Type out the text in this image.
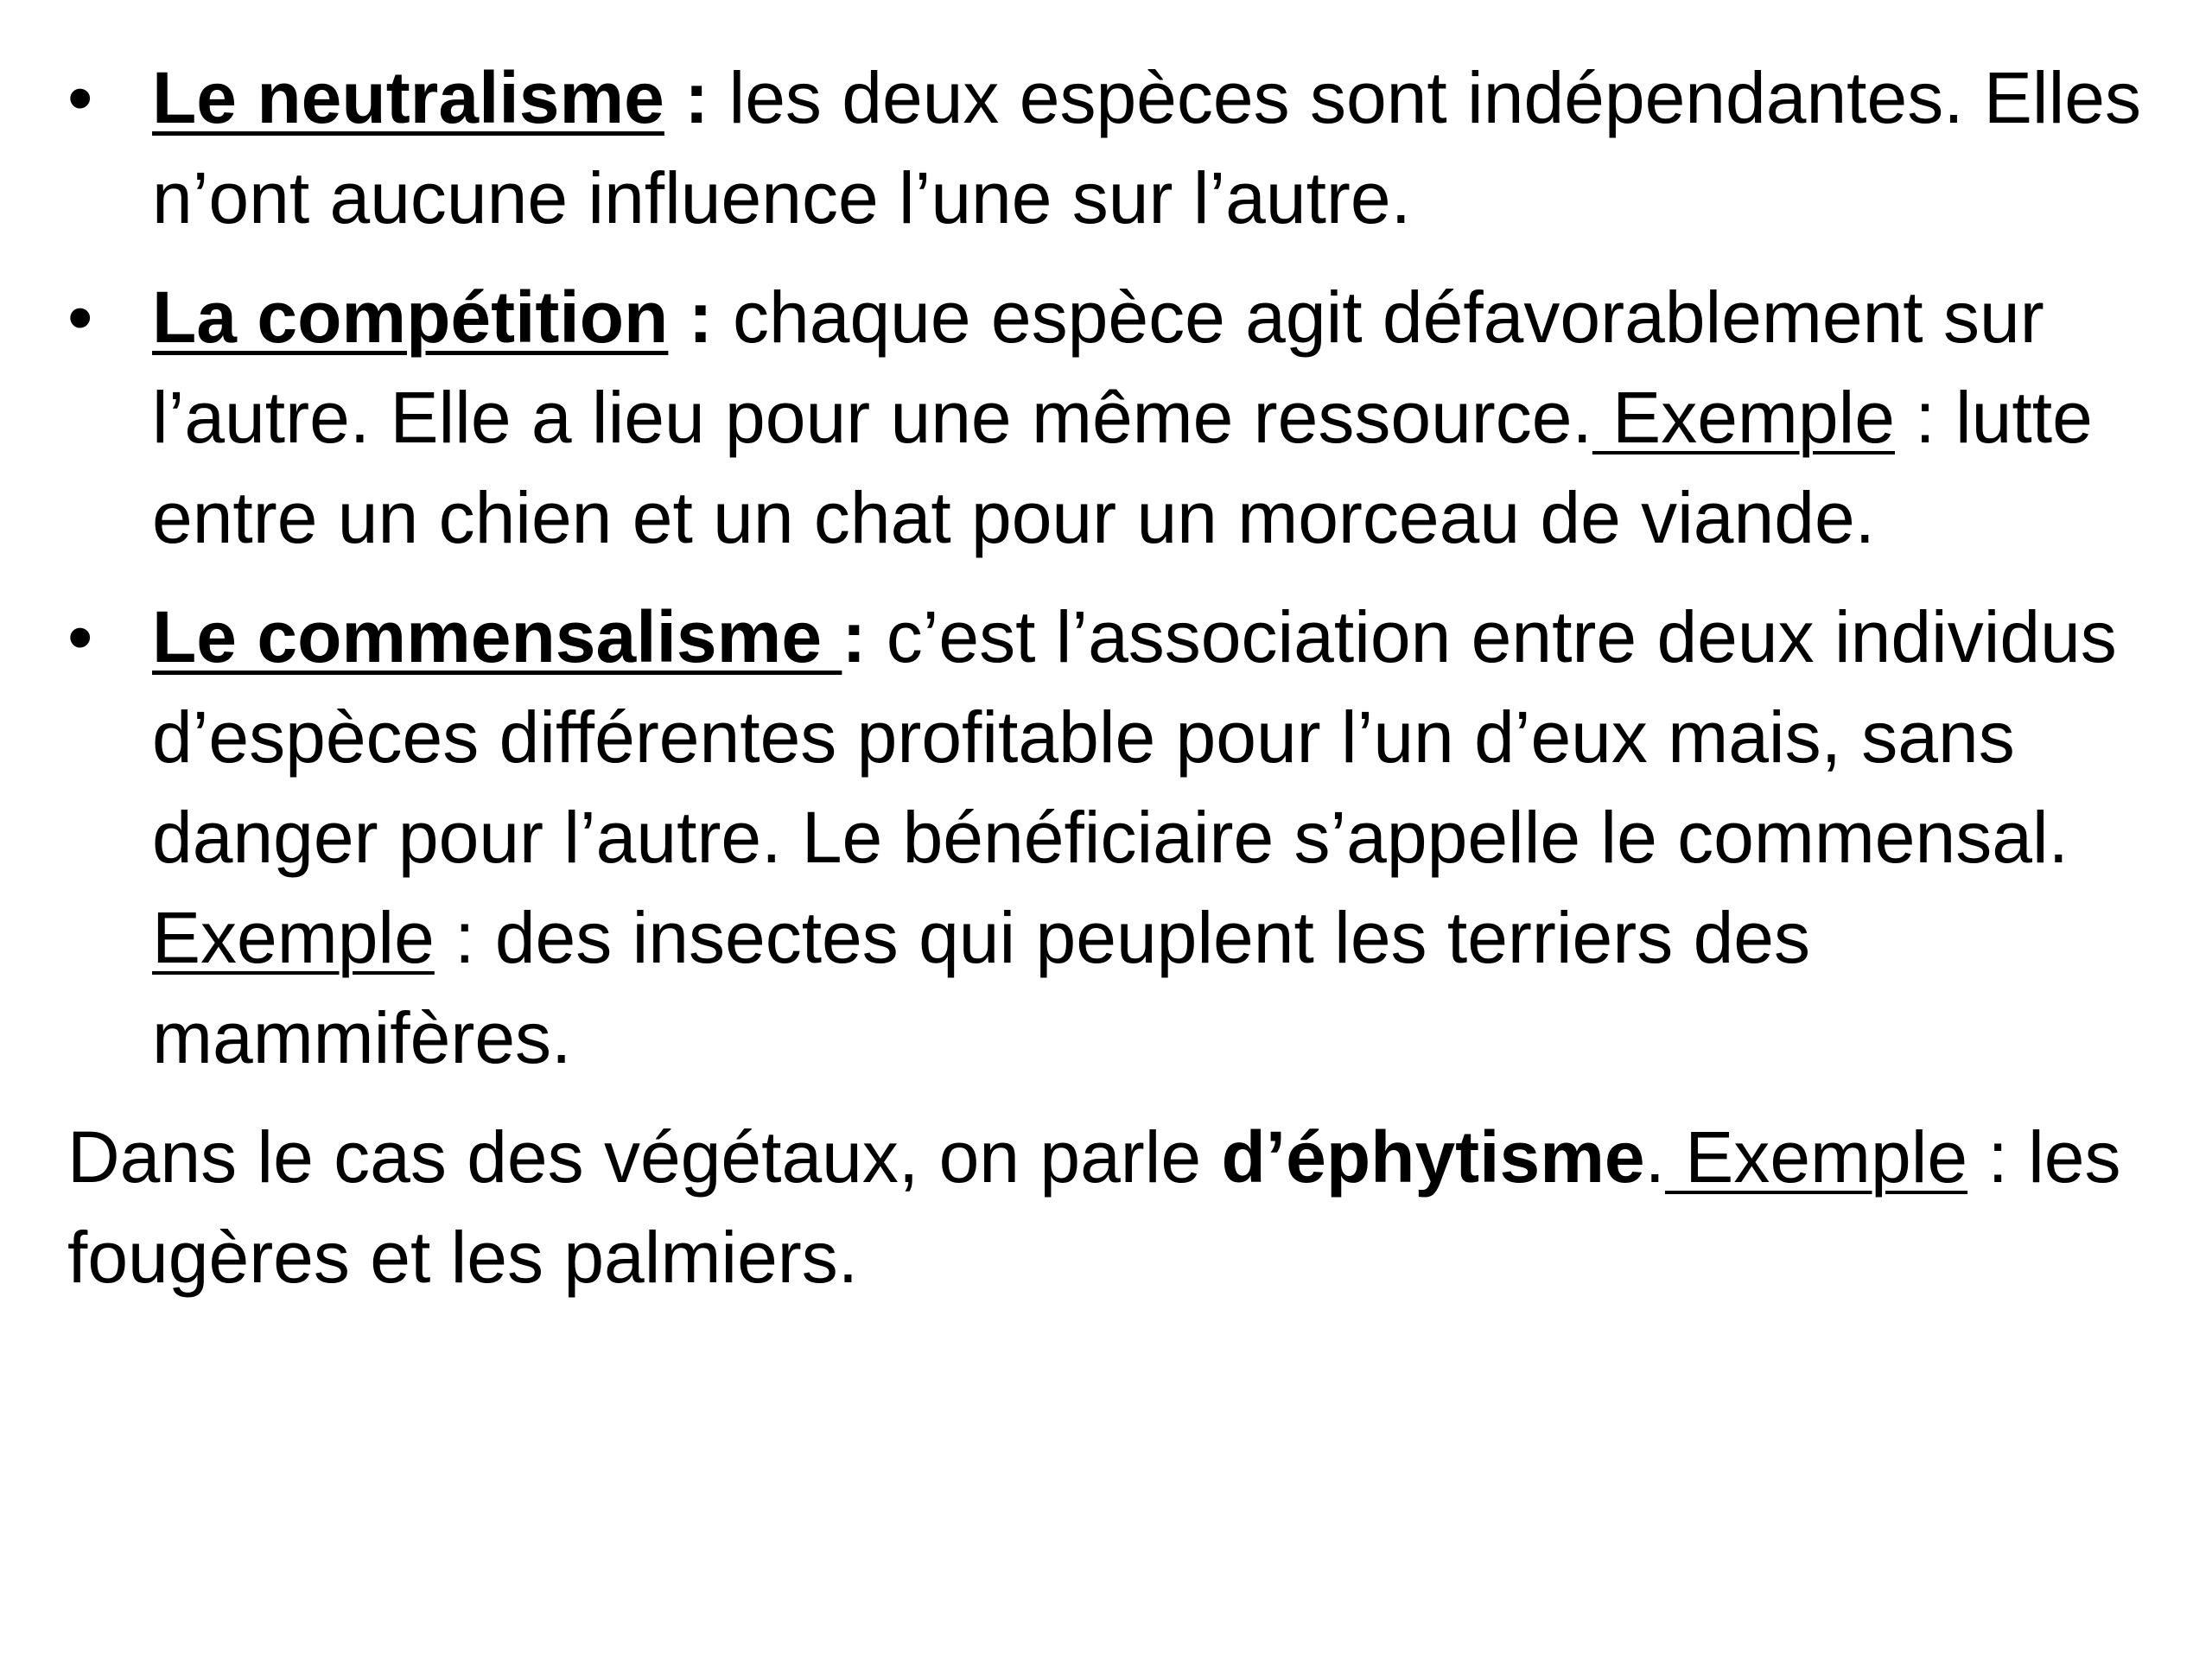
• Le neutralisme : les deux espèces sont indépendantes. Elles n’ont aucune influence l’une sur l’autre.
• La compétition : chaque espèce agit défavorablement sur l’autre. Elle a lieu pour une même ressource. Exemple : lutte entre un chien et un chat pour un morceau de viande.
• Le commensalisme : c’est l’association entre deux individus d’espèces différentes profitable pour l’un d’eux mais, sans danger pour l’autre. Le bénéficiaire s’appelle le commensal. Exemple : des insectes qui peuplent les terriers des mammifères.

Dans le cas des végétaux, on parle d’éphytisme. Exemple : les fougères et les palmiers.
